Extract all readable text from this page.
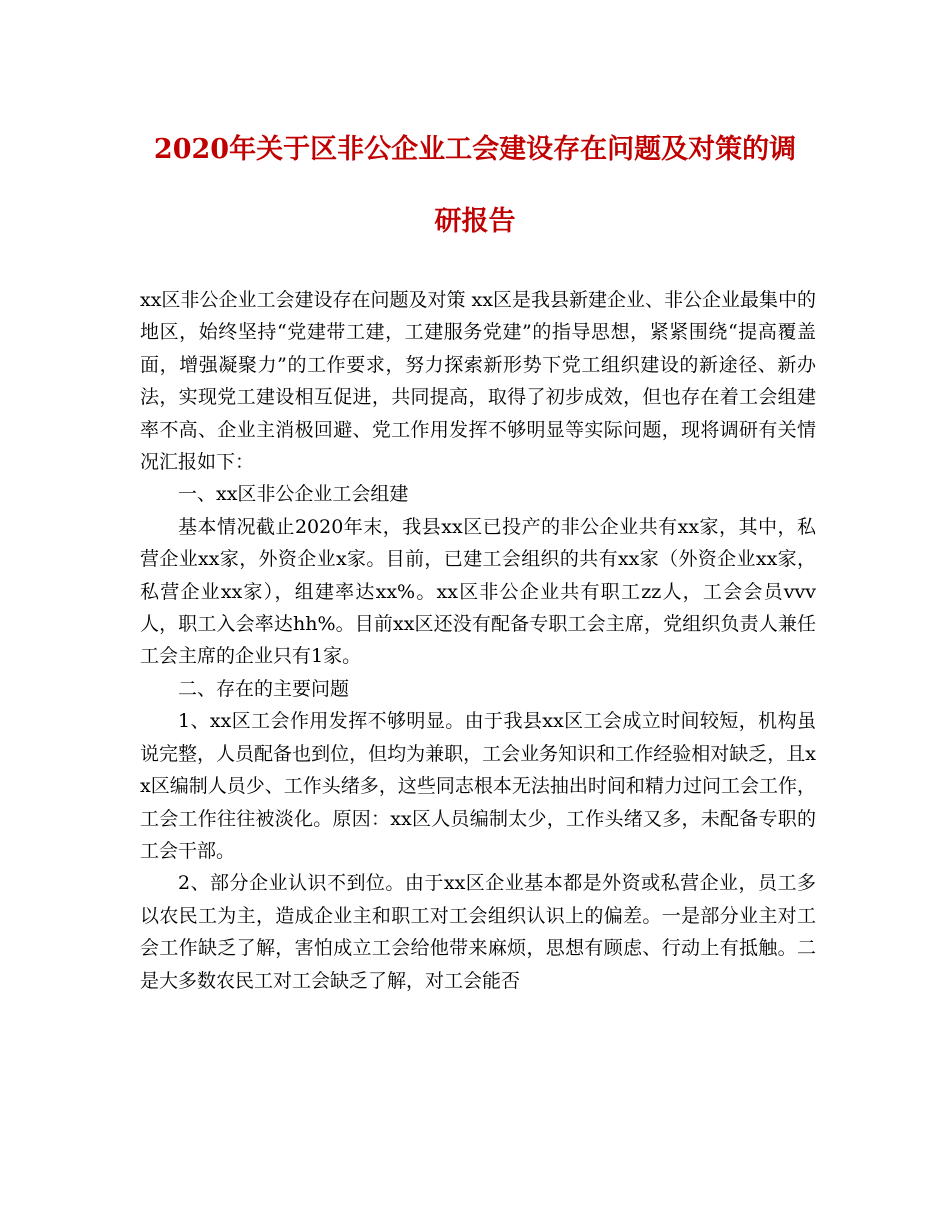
2020年关于区非公企业工会建设存在问题及对策的调
研报告

xx区非公企业工会建设存在问题及对策 xx区是我县新建企业、非公企业最集中的地区，始终坚持“党建带工建，工建服务党建”的指导思想，紧紧围绕“提高覆盖面，增强凝聚力”的工作要求，努力探索新形势下党工组织建设的新途径、新办法，实现党工建设相互促进，共同提高，取得了初步成效，但也存在着工会组建率不高、企业主消极回避、党工作用发挥不够明显等实际问题，现将调研有关情况汇报如下：

一、xx区非公企业工会组建

基本情况截止2020年末，我县xx区已投产的非公企业共有xx家，其中，私营企业xx家，外资企业x家。目前，已建工会组织的共有xx家（外资企业xx家，私营企业xx家），组建率达xx%。xx区非公企业共有职工zz人，工会会员vvv人，职工入会率达hh%。目前xx区还没有配备专职工会主席，党组织负责人兼任工会主席的企业只有1家。

二、存在的主要问题

1、xx区工会作用发挥不够明显。由于我县xx区工会成立时间较短，机构虽说完整，人员配备也到位，但均为兼职，工会业务知识和工作经验相对缺乏，且xx区编制人员少、工作头绪多，这些同志根本无法抽出时间和精力过问工会工作，工会工作往往被淡化。原因：xx区人员编制太少，工作头绪又多，未配备专职的工会干部。

2、部分企业认识不到位。由于xx区企业基本都是外资或私营企业，员工多以农民工为主，造成企业主和职工对工会组织认识上的偏差。一是部分业主对工会工作缺乏了解，害怕成立工会给他带来麻烦，思想有顾虑、行动上有抵触。二是大多数农民工对工会缺乏了解，对工会能否
